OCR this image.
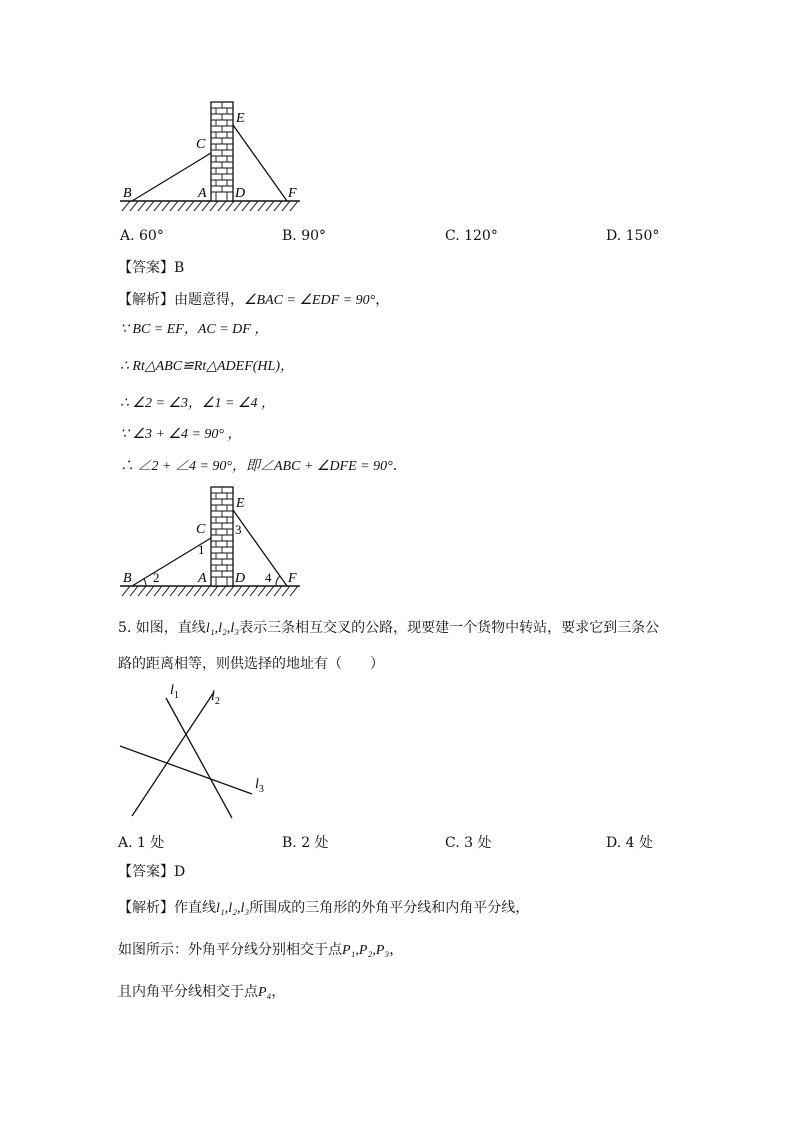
B	A
C
D
E
F
A. 60°	B. 90°	C. 120°	D. 150°
【答案】B
【解析】由题意得，∠BAC = ∠EDF = 90°，
∵ BC = EF，AC = DF ，
∴ Rt△ABC≌Rt△ADEF(HL)，
∴ ∠2 = ∠3，∠1 = ∠4 ，
∵ ∠3 + ∠4 = 90° ，
∴ ∠2 + ∠4 = 90°，即∠ABC + ∠DFE = 90°．
B	A
C
D
E
F
1
2
3
4
5. 如图，直线l₁,l₂,l₃表示三条相互交叉的公路，现要建一个货物中转站，要求它到三条公
路的距离相等，则供选择的地址有（　　）
$l_1$ $l_2$
$l_3$
A. 1 处	B. 2 处	C. 3 处	D. 4 处
【答案】D
【解析】作直线l₁,l₂,l₃所围成的三角形的外角平分线和内角平分线，
如图所示：外角平分线分别相交于点P₁,P₂,P₃，
且内角平分线相交于点P₄，
